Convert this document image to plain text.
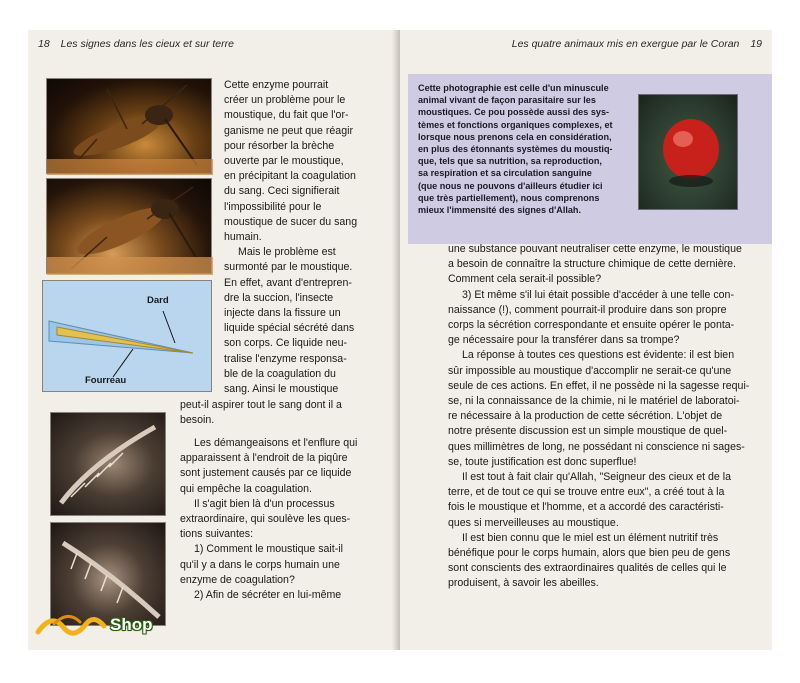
18 Les signes dans les cieux et sur terre
Dard
Fourreau

Cette enzyme pourrait

créer un problème pour le

moustique, du fait que l'or-

ganisme ne peut que réagir

pour résorber la brèche

ouverte par le moustique,

en précipitant la coagulation

du sang. Ceci signifierait

l'impossibilité pour le

moustique de sucer du sang

humain.

Mais le problème est

surmonté par le moustique.

En effet, avant d'entrepren-

dre la succion, l'insecte

injecte dans la fissure un

liquide spécial sécrété dans

son corps. Ce liquide neu-

tralise l'enzyme responsa-

ble de la coagulation du

sang. Ainsi le moustique

peut-il aspirer tout le sang dont il a

besoin.

Les démangeaisons et l'enflure qui

apparaissent à l'endroit de la piqûre

sont justement causés par ce liquide

qui empêche la coagulation.

Il s'agit bien là d'un processus

extraordinaire, qui soulève les ques-

tions suivantes:

1) Comment le moustique sait-il

qu'il y a dans le corps humain une

enzyme de coagulation?

2) Afin de sécréter en lui-même

Les quatre animaux mis en exergue par le Coran 19
Cette photographie est celle d'un minuscule
animal vivant de façon parasitaire sur les
moustiques. Ce pou possède aussi des sys-
tèmes et fonctions organiques complexes, et
lorsque nous prenons cela en considération,
en plus des étonnants systèmes du moustiq-
que, tels que sa nutrition, sa reproduction,
sa respiration et sa circulation sanguine
(que nous ne pouvons d'ailleurs étudier ici
que très partiellement), nous comprenons
mieux l'immensité des signes d'Allah.

une substance pouvant neutraliser cette enzyme, le moustique

a besoin de connaître la structure chimique de cette dernière.

Comment cela serait-il possible?

3) Et même s'il lui était possible d'accéder à une telle con-

naissance (!), comment pourrait-il produire dans son propre

corps la sécrétion correspondante et ensuite opérer le ponta-

ge nécessaire pour la transférer dans sa trompe?

La réponse à toutes ces questions est évidente: il est bien

sûr impossible au moustique d'accomplir ne serait-ce qu'une

seule de ces actions. En effet, il ne possède ni la sagesse requi-

se, ni la connaissance de la chimie, ni le matériel de laboratoi-

re nécessaire à la production de cette sécrétion. L'objet de

notre présente discussion est un simple moustique de quel-

ques millimètres de long, ne possédant ni conscience ni sages-

se, toute justification est donc superflue!

Il est tout à fait clair qu'Allah, "Seigneur des cieux et de la

terre, et de tout ce qui se trouve entre eux", a créé tout à la

fois le moustique et l'homme, et a accordé des caractéristi-

ques si merveilleuses au moustique.

Il est bien connu que le miel est un élément nutritif très

bénéfique pour le corps humain, alors que bien peu de gens

sont conscients des extraordinaires qualités de celles qui le

produisent, à savoir les abeilles.

Shop
